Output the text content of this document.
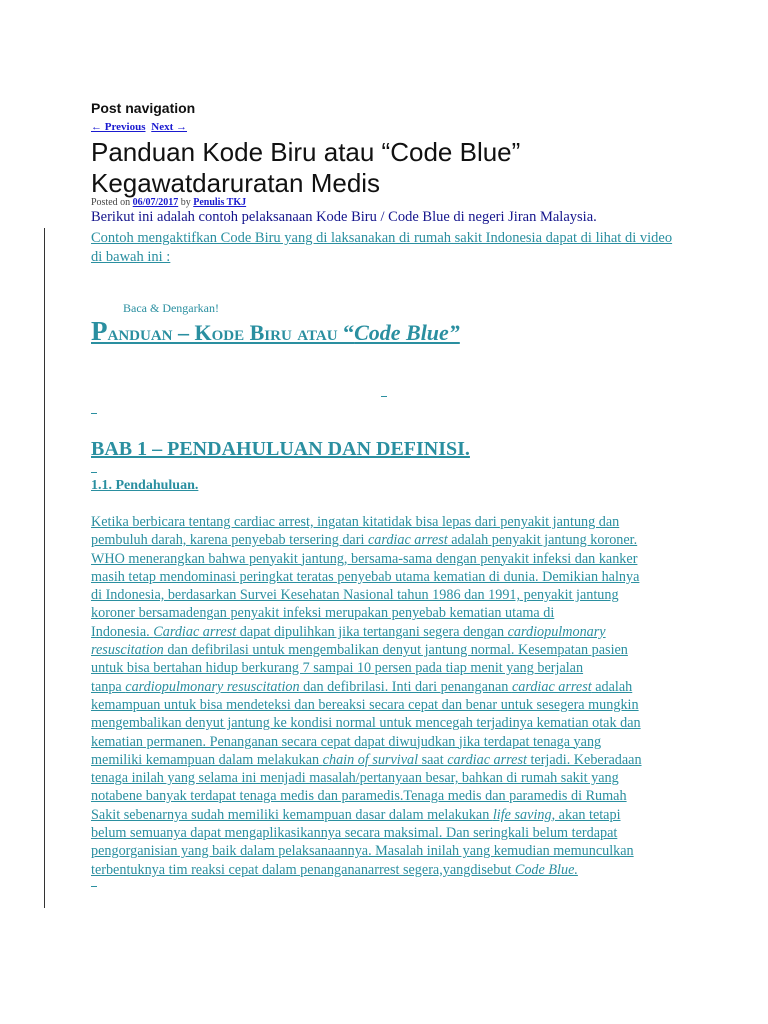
Post navigation
← Previous Next →
Panduan Kode Biru atau “Code Blue” Kegawatdaruratan Medis
Posted on 06/07/2017 by Penulis TKJ

Berikut ini adalah contoh pelaksanaan Kode Biru / Code Blue di negeri Jiran Malaysia.

Contoh mengaktifkan Code Biru yang di laksanakan di rumah sakit Indonesia dapat di lihat di video di bawah ini :

Baca & Dengarkan!
Panduan – Kode Biru atau “Code Blue”
BAB 1 – PENDAHULUAN DAN DEFINISI.
1.1. Pendahuluan.

Ketika berbicara tentang cardiac arrest, ingatan kitatidak bisa lepas dari penyakit jantung dan

pembuluh darah, karena penyebab tersering dari cardiac arrest adalah penyakit jantung koroner.

WHO menerangkan bahwa penyakit jantung, bersama-sama dengan penyakit infeksi dan kanker

masih tetap mendominasi peringkat teratas penyebab utama kematian di dunia. Demikian halnya

di Indonesia, berdasarkan Survei Kesehatan Nasional tahun 1986 dan 1991, penyakit jantung

koroner bersamadengan penyakit infeksi merupakan penyebab kematian utama di

Indonesia. Cardiac arrest dapat dipulihkan jika tertangani segera dengan cardiopulmonary

resuscitation dan defibrilasi untuk mengembalikan denyut jantung normal. Kesempatan pasien

untuk bisa bertahan hidup berkurang 7 sampai 10 persen pada tiap menit yang berjalan

tanpa cardiopulmonary resuscitation dan defibrilasi. Inti dari penanganan cardiac arrest adalah

kemampuan untuk bisa mendeteksi dan bereaksi secara cepat dan benar untuk sesegera mungkin

mengembalikan denyut jantung ke kondisi normal untuk mencegah terjadinya kematian otak dan

kematian permanen. Penanganan secara cepat dapat diwujudkan jika terdapat tenaga yang

memiliki kemampuan dalam melakukan chain of survival saat cardiac arrest terjadi. Keberadaan

tenaga inilah yang selama ini menjadi masalah/pertanyaan besar, bahkan di rumah sakit yang

notabene banyak terdapat tenaga medis dan paramedis.Tenaga medis dan paramedis di Rumah

Sakit sebenarnya sudah memiliki kemampuan dasar dalam melakukan life saving, akan tetapi

belum semuanya dapat mengaplikasikannya secara maksimal. Dan seringkali belum terdapat

pengorganisian yang baik dalam pelaksanaannya. Masalah inilah yang kemudian memunculkan

terbentuknya tim reaksi cepat dalam penangananarrest segera,yangdisebut Code Blue.
